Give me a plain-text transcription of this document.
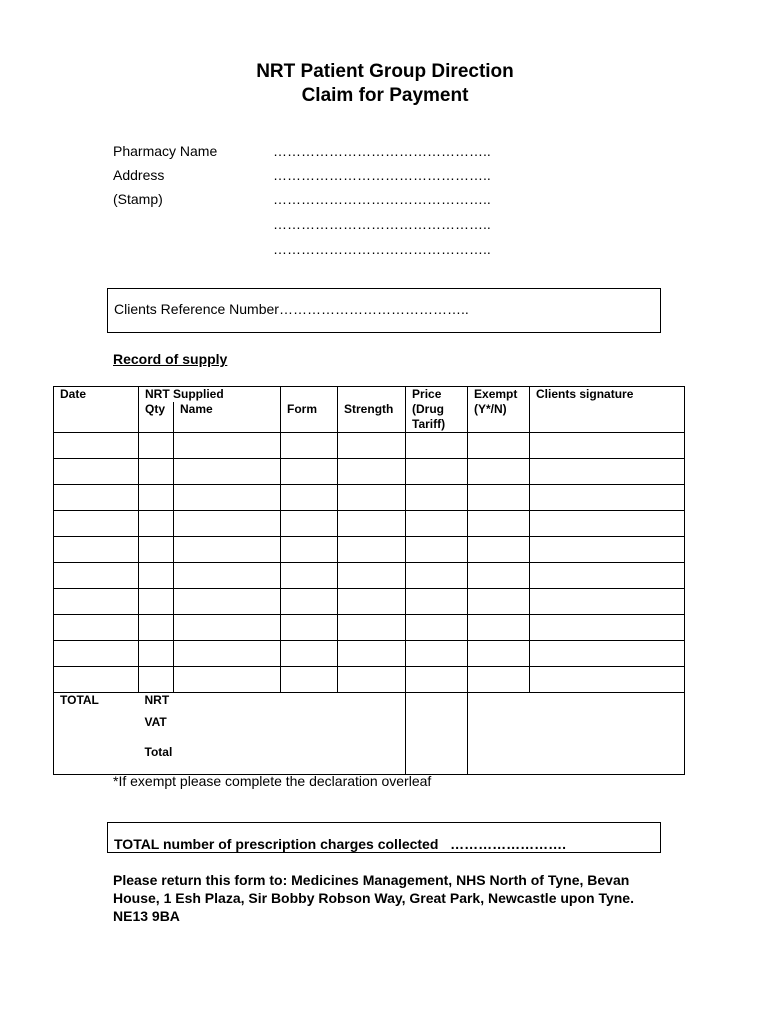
NRT Patient Group Direction
Claim for Payment
Pharmacy Name	………………………………………..
Address	………………………………………..
(Stamp)	………………………………………..
………………………………………..
………………………………………..
Clients Reference Number…………………………………..
Record of supply
Date	NRT Supplied				Price (Drug Tariff)	Exempt (Y*/N)	Clients signature
	Qty	Name	Form	Strength			

TOTAL	NRT
VAT
Total						

*If exempt please complete the declaration overleaf
TOTAL number of prescription charges collected   …………………….
Please return this form to: Medicines Management, NHS North of Tyne, Bevan House, 1 Esh Plaza, Sir Bobby Robson Way, Great Park, Newcastle upon Tyne. NE13 9BA
